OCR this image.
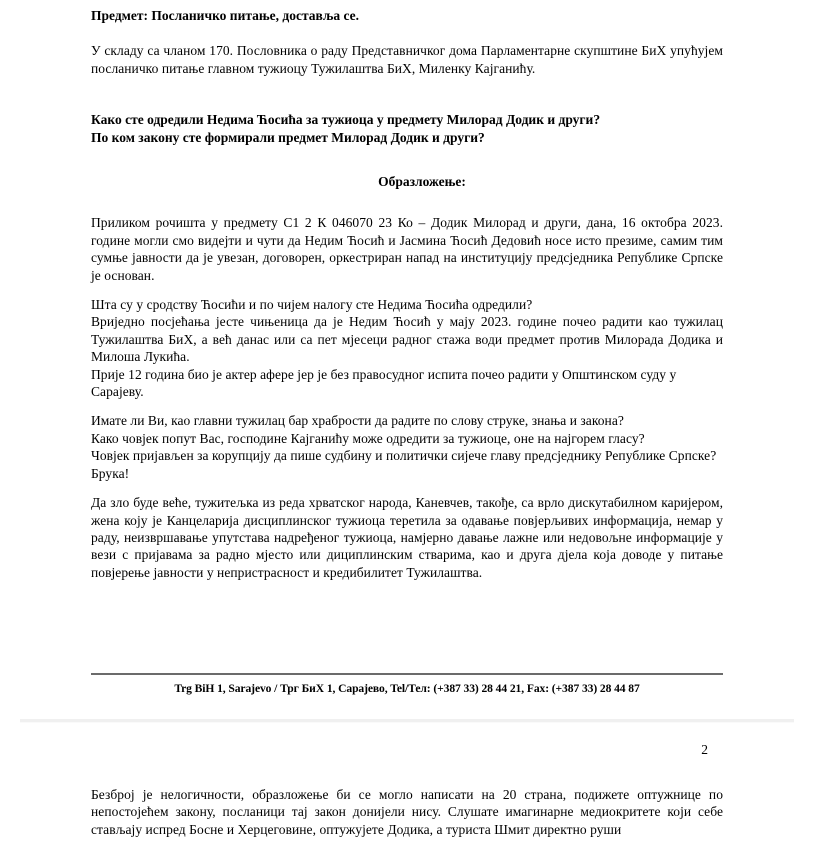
Предмет: Посланичко питање, доставља се.

У складу са чланом 170. Пословника о раду Представничког дома Парламентарне скупштине БиХ упућујем посланичко питање главном тужиоцу Тужилаштва БиХ, Миленку Кајганићу.

Како сте одредили Недима Ћосића за тужиоца у предмету Милорад Додик и други?

По ком закону сте формирали предмет Милорад Додик и други?

Образложење:

Приликом рочишта у предмету С1 2 К 046070 23 Ко – Додик Милорад и други, дана, 16 октобра 2023. године могли смо видејти и чути да Недим Ћосић и Јасмина Ћосић Дедовић носе исто презиме, самим тим сумње јавности да је увезан, договорен, оркестриран напад на институцију предсједника Републике Српске је основан.

Шта су у сродству Ћосићи и по чијем налогу сте Недима Ћосића одредили?
Вриједно посјећања јесте чињеница да је Недим Ћосић у мају 2023. године почео радити као тужилац Тужилаштва БиХ, а већ данас или са пет мјесеци радног стажа води предмет против Милорада Додика и Милоша Лукића.
Прије 12 година био је актер афере јер је без правосудног испита почео радити у Општинском суду у Сарајеву.

Имате ли Ви, као главни тужилац бар храбрости да радите по слову струке, знања и закона?
Како човјек попут Вас, господине Кајганићу може одредити за тужиоце, оне на најгорем гласу?
Човјек пријављен за корупцију да пише судбину и политички сијече главу предсједнику Републике Српске? Брука!

Да зло буде веће, тужитељка из реда хрватског народа, Каневчев, такође, са врло дискутабилном каријером, жена коју је Канцеларија дисциплинског тужиоца теретила за одавање повјерљивих информација, немар у раду, неизвршавање упутстава надређеног тужиоца, намјерно давање лажне или недовољне информације у вези с пријавама за радно мјесто или дициплинским стварима, као и друга дјела која доводе у питање повјерење јавности у непристрасност и кредибилитет Тужилаштва.

Trg BiH 1, Sarajevo / Трг БиХ 1, Сарајево, Tel/Тел: (+387 33) 28 44 21, Fax: (+387 33) 28 44 87

2

Безброј је нелогичности, образложење би се могло написати на 20 страна, подижете оптужнице по непостојећем закону, посланици тај закон донијели нису. Слушате имагинарне медиокритете који себе стављају испред Босне и Херцеговине, оптужујете Додика, а туриста Шмит директно руши
